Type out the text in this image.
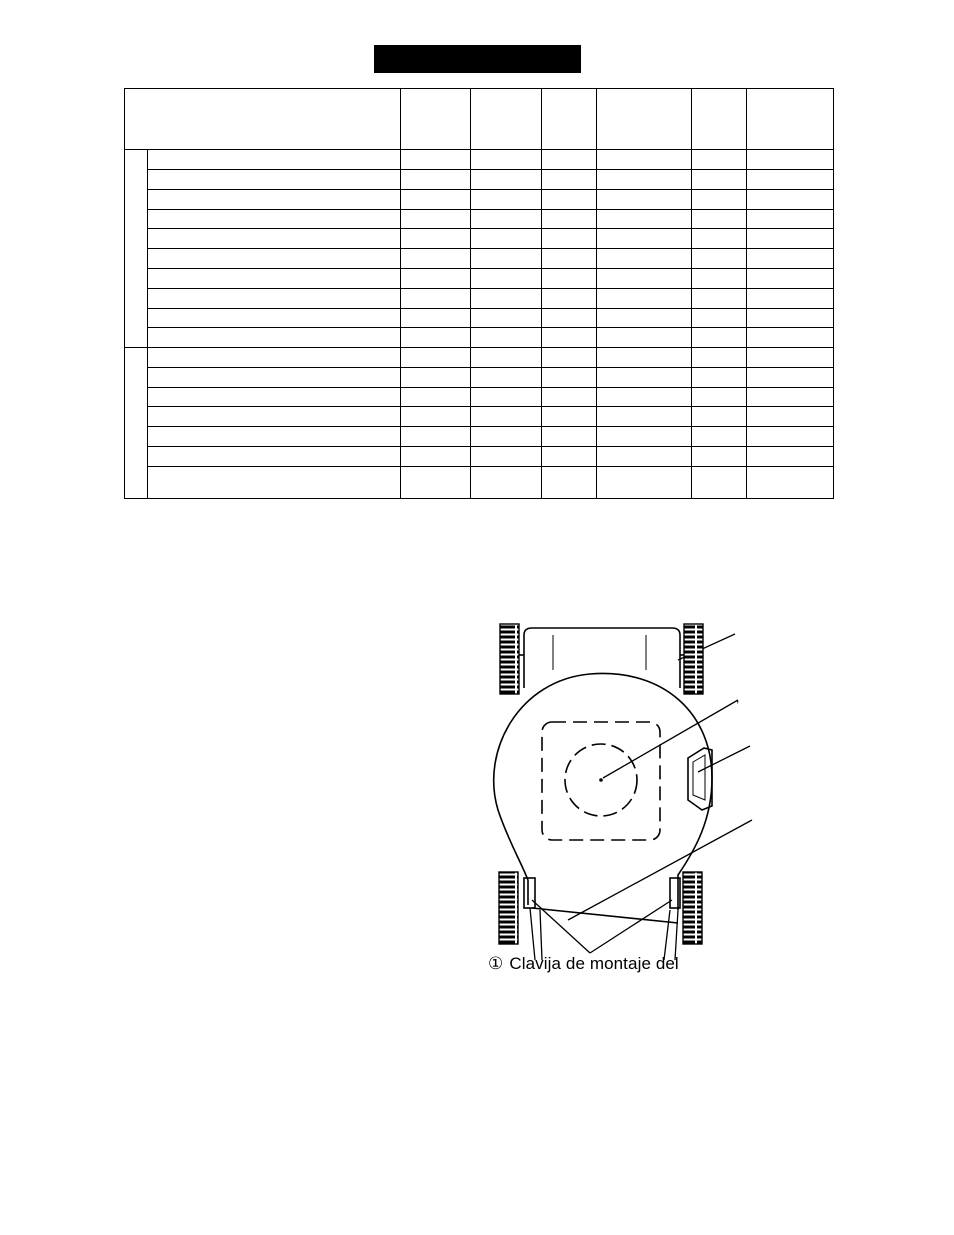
,
① Clavija de montaje del
